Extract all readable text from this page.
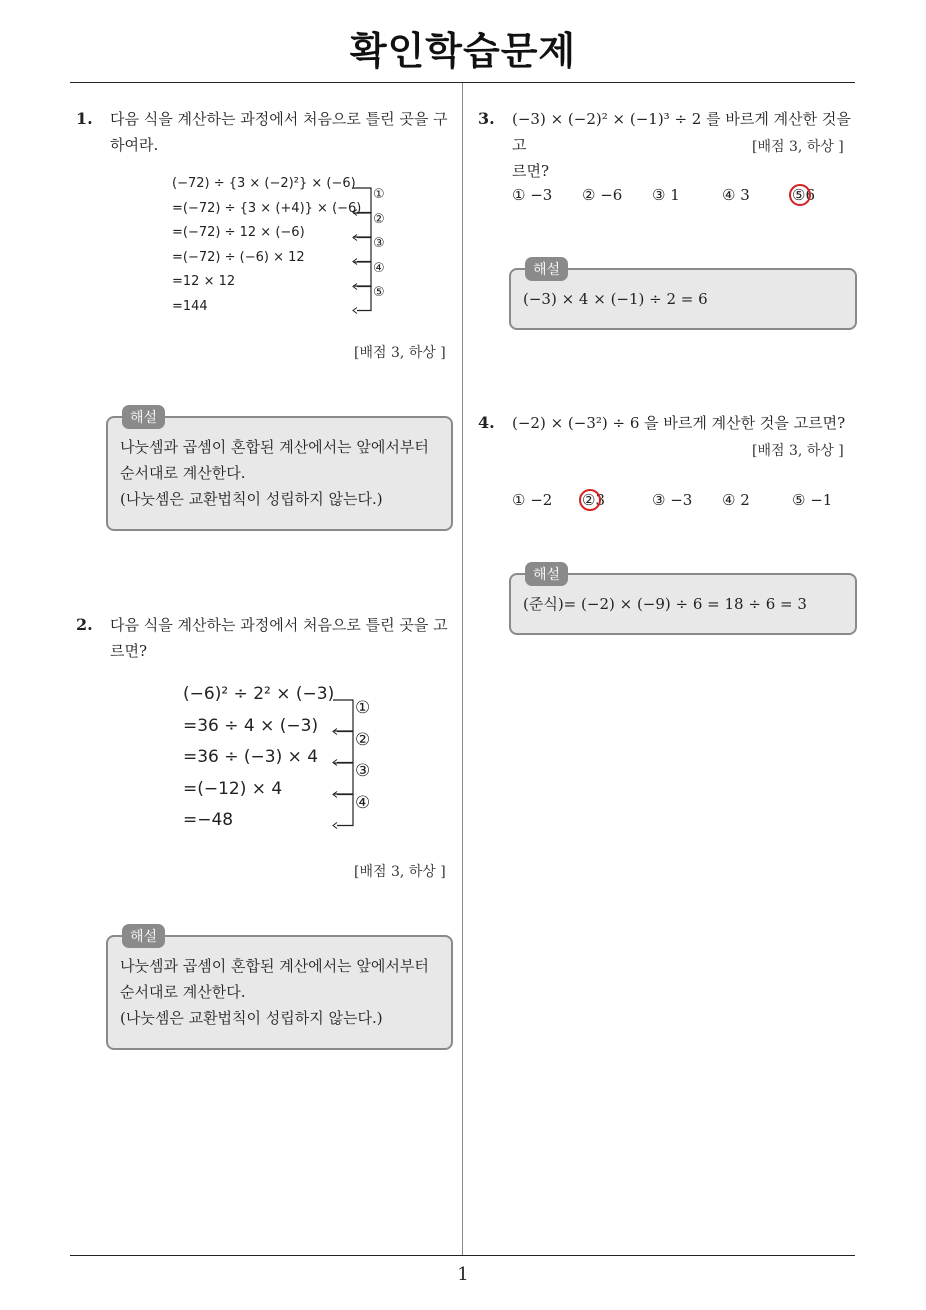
확인학습문제
1. 다음 식을 계산하는 과정에서 처음으로 틀린 곳을 구
하여라.
(−72) ÷ {3 × (−2)²} × (−6)
=(−72) ÷ {3 × (+4)} × (−6)
=(−72) ÷ 12 × (−6)
=(−72) ÷ (−6) × 12
=12 × 12
=144
①
②
③
④
⑤
[배점 3, 하상 ]
해설
나눗셈과 곱셈이 혼합된 계산에서는 앞에서부터
순서대로 계산한다.
(나눗셈은 교환법칙이 성립하지 않는다.)
2. 다음 식을 계산하는 과정에서 처음으로 틀린 곳을 고
르면?
(−6)² ÷ 2² × (−3)
=36 ÷ 4 × (−3)
=36 ÷ (−3) × 4
=(−12) × 4
=−48
①
②
③
④
[배점 3, 하상 ]
해설
나눗셈과 곱셈이 혼합된 계산에서는 앞에서부터
순서대로 계산한다.
(나눗셈은 교환법칙이 성립하지 않는다.)
3. (−3) × (−2)² × (−1)³ ÷ 2 를 바르게 계산한 것을 고
르면?
[배점 3, 하상 ]
① −3 ② −6 ③ 1	④ 3	⑤6
해설
(−3) × 4 × (−1) ÷ 2 = 6
4. (−2) × (−3²) ÷ 6 을 바르게 계산한 것을 고르면?
[배점 3, 하상 ]
① −2 ②3	③ −3 ④ 2	⑤ −1
해설
(준식)= (−2) × (−9) ÷ 6 = 18 ÷ 6 = 3
1
